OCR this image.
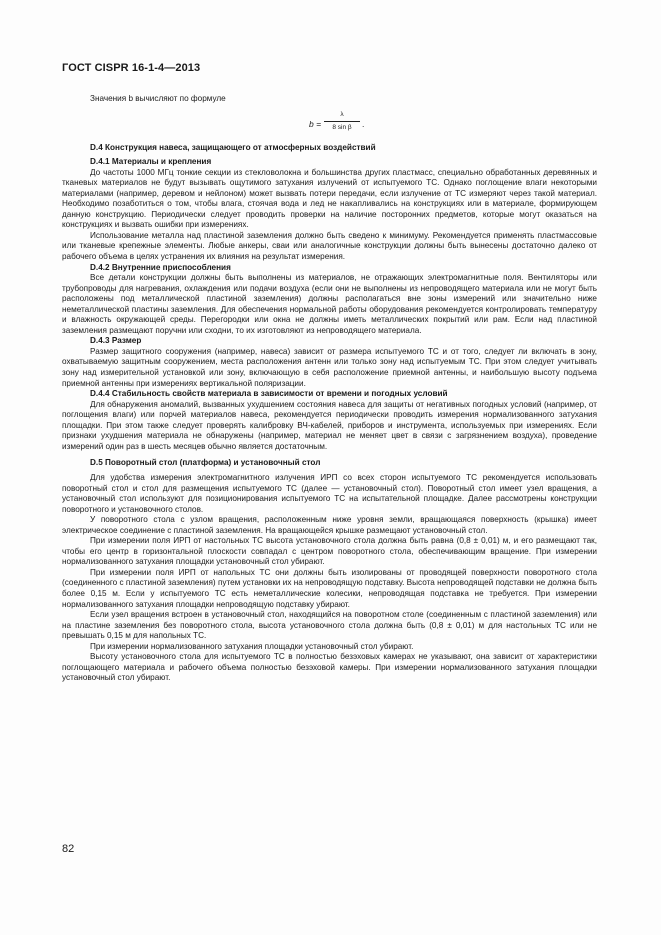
ГОСТ CISPR 16-1-4—2013

Значения b вычисляют по формуле

$b = \frac{\lambda}{\text{8 sin β}}$ .

D.4 Конструкция навеса, защищающего от атмосферных воздействий

D.4.1 Материалы и крепления

До частоты 1000 МГц тонкие секции из стекловолокна и большинства других пластмасс, специально обработанных деревянных и тканевых материалов не будут вызывать ощутимого затухания излучений от испытуемого ТС. Однако поглощение влаги некоторыми материалами (например, деревом и нейлоном) может вызвать потери передачи, если излучение от ТС измеряют через такой материал. Необходимо позаботиться о том, чтобы влага, стоячая вода и лед не накапливались на конструкциях или в материале, формирующем данную конструкцию. Периодически следует проводить проверки на наличие посторонних предметов, которые могут оказаться на конструкциях и вызвать ошибки при измерениях.

Использование металла над пластиной заземления должно быть сведено к минимуму. Рекомендуется применять пластмассовые или тканевые крепежные элементы. Любые анкеры, сваи или аналогичные конструкции должны быть вынесены достаточно далеко от рабочего объема в целях устранения их влияния на результат измерения.

D.4.2 Внутренние приспособления

Все детали конструкции должны быть выполнены из материалов, не отражающих электромагнитные поля. Вентиляторы или трубопроводы для нагревания, охлаждения или подачи воздуха (если они не выполнены из непроводящего материала или не могут быть расположены под металлической пластиной заземления) должны располагаться вне зоны измерений или значительно ниже неметаллической пластины заземления. Для обеспечения нормальной работы оборудования рекомендуется контролировать температуру и влажность окружающей среды. Перегородки или окна не должны иметь металлических покрытий или рам. Если над пластиной заземления размещают поручни или сходни, то их изготовляют из непроводящего материала.

D.4.3 Размер

Размер защитного сооружения (например, навеса) зависит от размера испытуемого ТС и от того, следует ли включать в зону, охватываемую защитным сооружением, места расположения антенн или только зону над испытуемым ТС. При этом следует учитывать зону над измерительной установкой или зону, включающую в себя расположение приемной антенны, и наибольшую высоту подъема приемной антенны при измерениях вертикальной поляризации.

D.4.4 Стабильность свойств материала в зависимости от времени и погодных условий

Для обнаружения аномалий, вызванных ухудшением состояния навеса для защиты от негативных погодных условий (например, от поглощения влаги) или порчей материалов навеса, рекомендуется периодически проводить измерения нормализованного затухания площадки. При этом также следует проверять калибровку ВЧ-кабелей, приборов и инструмента, используемых при измерениях. Если признаки ухудшения материала не обнаружены (например, материал не меняет цвет в связи с загрязнением воздуха), проведение измерений один раз в шесть месяцев обычно является достаточным.

D.5 Поворотный стол (платформа) и установочный стол

Для удобства измерения электромагнитного излучения ИРП со всех сторон испытуемого ТС рекомендуется использовать поворотный стол и стол для размещения испытуемого ТС (далее — установочный стол). Поворотный стол имеет узел вращения, а установочный стол используют для позиционирования испытуемого ТС на испытательной площадке. Далее рассмотрены конструкции поворотного и установочного столов.

У поворотного стола с узлом вращения, расположенным ниже уровня земли, вращающаяся поверхность (крышка) имеет электрическое соединение с пластиной заземления. На вращающейся крышке размещают установочный стол.

При измерении поля ИРП от настольных ТС высота установочного стола должна быть равна (0,8 ± 0,01) м, и его размещают так, чтобы его центр в горизонтальной плоскости совпадал с центром поворотного стола, обеспечивающим вращение. При измерении нормализованного затухания площадки установочный стол убирают.

При измерении поля ИРП от напольных ТС они должны быть изолированы от проводящей поверхности поворотного стола (соединенного с пластиной заземления) путем установки их на непроводящую подставку. Высота непроводящей подставки не должна быть более 0,15 м. Если у испытуемого ТС есть неметаллические колесики, непроводящая подставка не требуется. При измерении нормализованного затухания площадки непроводящую подставку убирают.

Если узел вращения встроен в установочный стол, находящийся на поворотном столе (соединенным с пластиной заземления) или на пластине заземления без поворотного стола, высота установочного стола должна быть (0,8 ± 0,01) м для настольных ТС или не превышать 0,15 м для напольных ТС.

При измерении нормализованного затухания площадки установочный стол убирают.

Высоту установочного стола для испытуемого ТС в полностью безэховых камерах не указывают, она зависит от характеристики поглощающего материала и рабочего объема полностью безэховой камеры. При измерении нормализованного затухания площадки установочный стол убирают.

82
